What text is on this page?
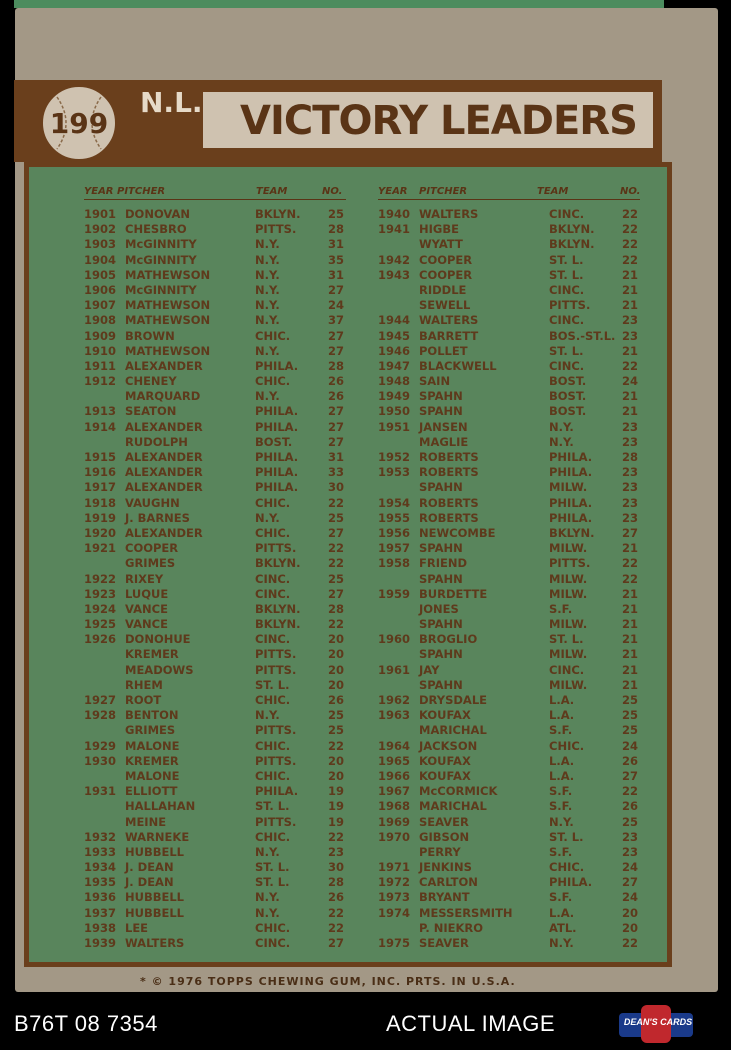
VICTORY LEADERS
199
N.L.
YEAR PITCHER	TEAM	NO.	YEAR PITCHER	TEAM	NO.
1901 DONOVAN	BKLYN. 25
1902 CHESBRO	PITTS.	28
1903 McGINNITY	N.Y.	31
1904 McGINNITY	N.Y.	35
1905 MATHEWSON	N.Y.	31
1906 McGINNITY	N.Y.	27
1907 MATHEWSON	N.Y.	24
1908 MATHEWSON	N.Y.	37
1909 BROWN	CHIC.	27
1910 MATHEWSON	N.Y.	27
1911 ALEXANDER	PHILA.	28
1912 CHENEY	CHIC.	26
MARQUARD	N.Y.	26
1913 SEATON	PHILA.	27
1914 ALEXANDER	PHILA.	27
RUDOLPH	BOST.	27
1915 ALEXANDER	PHILA.	31
1916 ALEXANDER	PHILA.	33
1917 ALEXANDER	PHILA.	30
1918 VAUGHN	CHIC.	22
1919 J. BARNES	N.Y.	25
1920 ALEXANDER	CHIC.	27
1921 COOPER	PITTS.	22
GRIMES	BKLYN. 22
1922 RIXEY	CINC.	25
1923 LUQUE	CINC.	27
1924 VANCE	BKLYN. 28
1925 VANCE	BKLYN. 22
1926 DONOHUE	CINC.	20
KREMER	PITTS.	20
MEADOWS	PITTS.	20
RHEM	ST. L.	20
1927 ROOT	CHIC.	26
1928 BENTON	N.Y.	25
GRIMES	PITTS.	25
1929 MALONE	CHIC.	22
1930 KREMER	PITTS.	20
MALONE	CHIC.	20
1931 ELLIOTT	PHILA.	19
HALLAHAN	ST. L.	19
MEINE	PITTS.	19
1932 WARNEKE	CHIC.	22
1933 HUBBELL	N.Y.	23
1934 J. DEAN	ST. L.	30
1935 J. DEAN	ST. L.	28
1936 HUBBELL	N.Y.	26
1937 HUBBELL	N.Y.	22
1938 LEE	CHIC.	22
1939 WALTERS	CINC.	27
1940 WALTERS	CINC.	22
1941 HIGBE	BKLYN. 22
WYATT	BKLYN. 22
1942 COOPER	ST. L.	22
1943 COOPER	ST. L.	21
RIDDLE	CINC.	21
SEWELL	PITTS.	21
1944 WALTERS	CINC.	23
1945 BARRETT	BOS.-ST.L. 23
1946 POLLET	ST. L.	21
1947 BLACKWELL	CINC.	22
1948 SAIN	BOST.	24
1949 SPAHN	BOST.	21
1950 SPAHN	BOST.	21
1951 JANSEN	N.Y.	23
MAGLIE	N.Y.	23
1952 ROBERTS	PHILA.	28
1953 ROBERTS	PHILA.	23
SPAHN	MILW.	23
1954 ROBERTS	PHILA.	23
1955 ROBERTS	PHILA.	23
1956 NEWCOMBE	BKLYN. 27
1957 SPAHN	MILW.	21
1958 FRIEND	PITTS.	22
SPAHN	MILW.	22
1959 BURDETTE	MILW.	21
JONES	S.F.	21
SPAHN	MILW.	21
1960 BROGLIO	ST. L.	21
SPAHN	MILW.	21
1961 JAY	CINC.	21
SPAHN	MILW.	21
1962 DRYSDALE	L.A.	25
1963 KOUFAX	L.A.	25
MARICHAL	S.F.	25
1964 JACKSON	CHIC.	24
1965 KOUFAX	L.A.	26
1966 KOUFAX	L.A.	27
1967 McCORMICK	S.F.	22
1968 MARICHAL	S.F.	26
1969 SEAVER	N.Y.	25
1970 GIBSON	ST. L.	23
PERRY	S.F.	23
1971 JENKINS	CHIC.	24
1972 CARLTON	PHILA.	27
1973 BRYANT	S.F.	24
1974 MESSERSMITH	L.A.	20
P. NIEKRO	ATL.	20
1975 SEAVER	N.Y.	22
* © 1976 TOPPS CHEWING GUM, INC. PRTS. IN U.S.A.
B76T 08 7354	ACTUAL IMAGE	DEAN'S CARDS
